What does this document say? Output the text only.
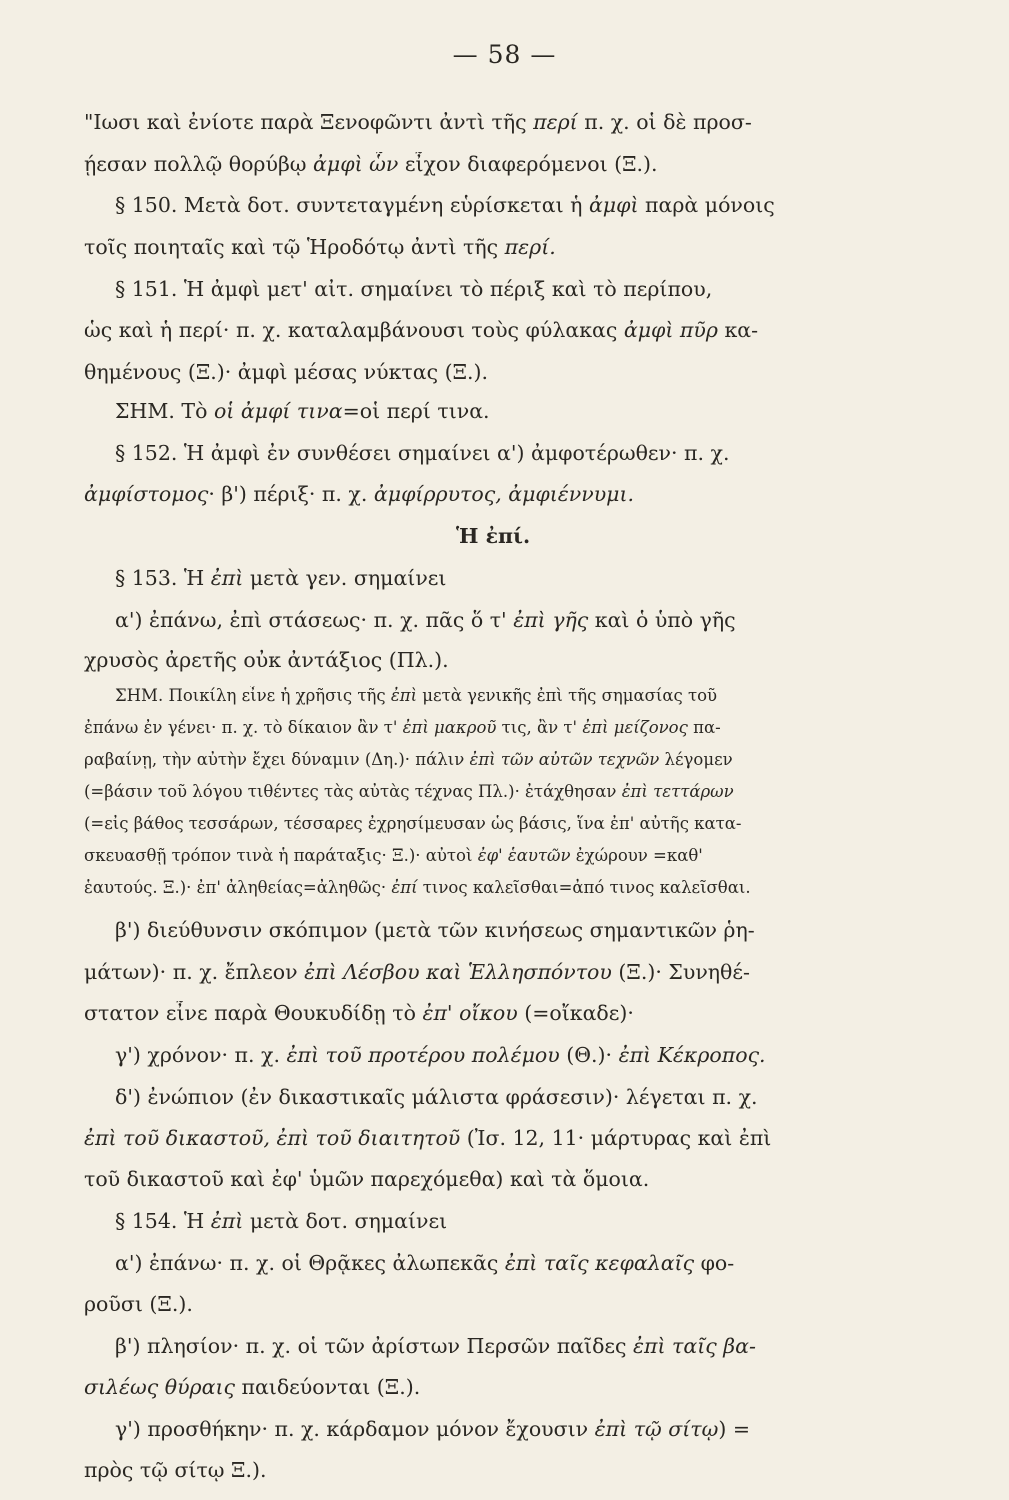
— 58 —
"Ιωσι καὶ ἐνίοτε παρὰ Ξενοφῶντι ἀντὶ τῆς περί π. χ. οἱ δὲ προσ-
ῄεσαν πολλῷ θορύβῳ ἀμφὶ ὧν εἶχον διαφερόμενοι (Ξ.).
§ 150. Μετὰ δοτ. συντεταγμένη εὑρίσκεται ἡ ἀμφὶ παρὰ μόνοις
τοῖς ποιηταῖς καὶ τῷ Ἡροδότῳ ἀντὶ τῆς περί.
§ 151. Ἡ ἀμφὶ μετ' αἰτ. σημαίνει τὸ πέριξ καὶ τὸ περίπου,
ὡς καὶ ἡ περί· π. χ. καταλαμβάνουσι τοὺς φύλακας ἀμφὶ πῦρ κα-
θημένους (Ξ.)· ἀμφὶ μέσας νύκτας (Ξ.).
ΣΗΜ. Τὸ οἱ ἀμφί τινα=οἱ περί τινα.
§ 152. Ἡ ἀμφὶ ἐν συνθέσει σημαίνει α') ἀμφοτέρωθεν· π. χ.
ἀμφίστομος· β') πέριξ· π. χ. ἀμφίρρυτος, ἀμφιέννυμι.
Ἡ ἐπί.
§ 153. Ἡ ἐπὶ μετὰ γεν. σημαίνει
α') ἐπάνω, ἐπὶ στάσεως· π. χ. πᾶς ὅ τ' ἐπὶ γῆς καὶ ὁ ὑπὸ γῆς
χρυσὸς ἀρετῆς οὐκ ἀντάξιος (Πλ.).
ΣΗΜ. Ποικίλη εἶνε ἡ χρῆσις τῆς ἐπὶ μετὰ γενικῆς ἐπὶ τῆς σημασίας τοῦ
ἐπάνω ἐν γένει· π. χ. τὸ δίκαιον ἂν τ' ἐπὶ μακροῦ τις, ἂν τ' ἐπὶ μείζονος πα-
ραβαίνῃ, τὴν αὐτὴν ἔχει δύναμιν (Δη.)· πάλιν ἐπὶ τῶν αὐτῶν τεχνῶν λέγομεν
(=βάσιν τοῦ λόγου τιθέντες τὰς αὐτὰς τέχνας Πλ.)· ἐτάχθησαν ἐπὶ τεττάρων
(=εἰς βάθος τεσσάρων, τέσσαρες ἐχρησίμευσαν ὡς βάσις, ἵνα ἐπ' αὐτῆς κατα-
σκευασθῇ τρόπον τινὰ ἡ παράταξις· Ξ.)· αὐτοὶ ἐφ' ἑαυτῶν ἐχώρουν =καθ'
ἑαυτούς. Ξ.)· ἐπ' ἀληθείας=ἀληθῶς· ἐπί τινος καλεῖσθαι=ἀπό τινος καλεῖσθαι.
β') διεύθυνσιν σκόπιμον (μετὰ τῶν κινήσεως σημαντικῶν ῥη-
μάτων)· π. χ. ἔπλεον ἐπὶ Λέσβου καὶ Ἑλλησπόντου (Ξ.)· Συνηθέ-
στατον εἶνε παρὰ Θουκυδίδῃ τὸ ἐπ' οἴκου (=οἴκαδε)·
γ') χρόνον· π. χ. ἐπὶ τοῦ προτέρου πολέμου (Θ.)· ἐπὶ Κέκροπος.
δ') ἐνώπιον (ἐν δικαστικαῖς μάλιστα φράσεσιν)· λέγεται π. χ.
ἐπὶ τοῦ δικαστοῦ, ἐπὶ τοῦ διαιτητοῦ (Ἰσ. 12, 11· μάρτυρας καὶ ἐπὶ
τοῦ δικαστοῦ καὶ ἐφ' ὑμῶν παρεχόμεθα) καὶ τὰ ὅμοια.
§ 154. Ἡ ἐπὶ μετὰ δοτ. σημαίνει
α') ἐπάνω· π. χ. οἱ Θρᾷκες ἀλωπεκᾶς ἐπὶ ταῖς κεφαλαῖς φο-
ροῦσι (Ξ.).
β') πλησίον· π. χ. οἱ τῶν ἀρίστων Περσῶν παῖδες ἐπὶ ταῖς βα-
σιλέως θύραις παιδεύονται (Ξ.).
γ') προσθήκην· π. χ. κάρδαμον μόνον ἔχουσιν ἐπὶ τῷ σίτῳ) =
πρὸς τῷ σίτῳ Ξ.).
